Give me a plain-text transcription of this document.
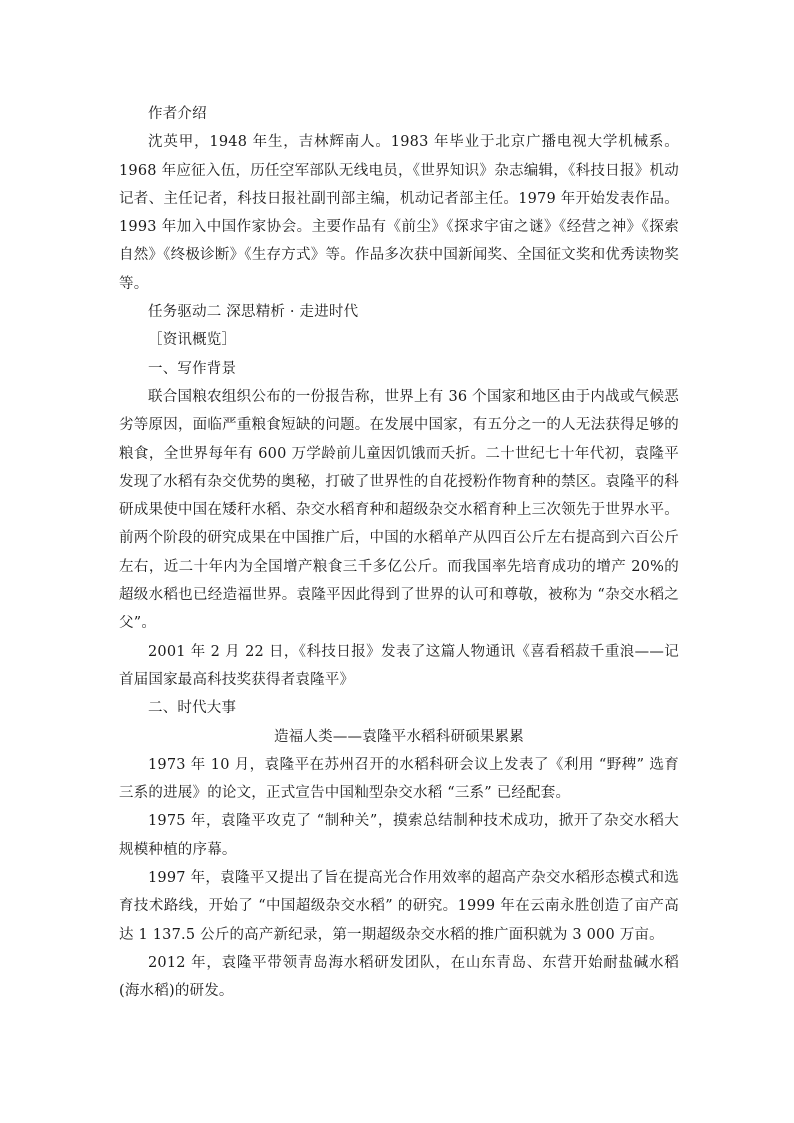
作者介绍

沈英甲，1948 年生，吉林辉南人。1983 年毕业于北京广播电视大学机械系。1968 年应征入伍，历任空军部队无线电员，《世界知识》杂志编辑，《科技日报》机动记者、主任记者，科技日报社副刊部主编，机动记者部主任。1979 年开始发表作品。1993 年加入中国作家协会。主要作品有《前尘》《探求宇宙之谜》《经营之神》《探索自然》《终极诊断》《生存方式》等。作品多次获中国新闻奖、全国征文奖和优秀读物奖等。

任务驱动二 深思精析 · 走进时代

［资讯概览］

一、写作背景

联合国粮农组织公布的一份报告称，世界上有 36 个国家和地区由于内战或气候恶劣等原因，面临严重粮食短缺的问题。在发展中国家，有五分之一的人无法获得足够的粮食，全世界每年有 600 万学龄前儿童因饥饿而夭折。二十世纪七十年代初，袁隆平发现了水稻有杂交优势的奥秘，打破了世界性的自花授粉作物育种的禁区。袁隆平的科研成果使中国在矮秆水稻、杂交水稻育种和超级杂交水稻育种上三次领先于世界水平。前两个阶段的研究成果在中国推广后，中国的水稻单产从四百公斤左右提高到六百公斤左右，近二十年内为全国增产粮食三千多亿公斤。而我国率先培育成功的增产 20%的超级水稻也已经造福世界。袁隆平因此得到了世界的认可和尊敬，被称为 “杂交水稻之父”。

2001 年 2 月 22 日，《科技日报》发表了这篇人物通讯《喜看稻菽千重浪——记首届国家最高科技奖获得者袁隆平》

二、时代大事

造福人类——袁隆平水稻科研硕果累累

1973 年 10 月，袁隆平在苏州召开的水稻科研会议上发表了《利用 “野稗” 选育三系的进展》的论文，正式宣告中国籼型杂交水稻 “三系” 已经配套。

1975 年，袁隆平攻克了 “制种关”，摸索总结制种技术成功，掀开了杂交水稻大规模种植的序幕。

1997 年，袁隆平又提出了旨在提高光合作用效率的超高产杂交水稻形态模式和选育技术路线，开始了 “中国超级杂交水稻” 的研究。1999 年在云南永胜创造了亩产高达 1 137.5 公斤的高产新纪录，第一期超级杂交水稻的推广面积就为 3 000 万亩。

2012 年，袁隆平带领青岛海水稻研发团队，在山东青岛、东营开始耐盐碱水稻(海水稻)的研发。
